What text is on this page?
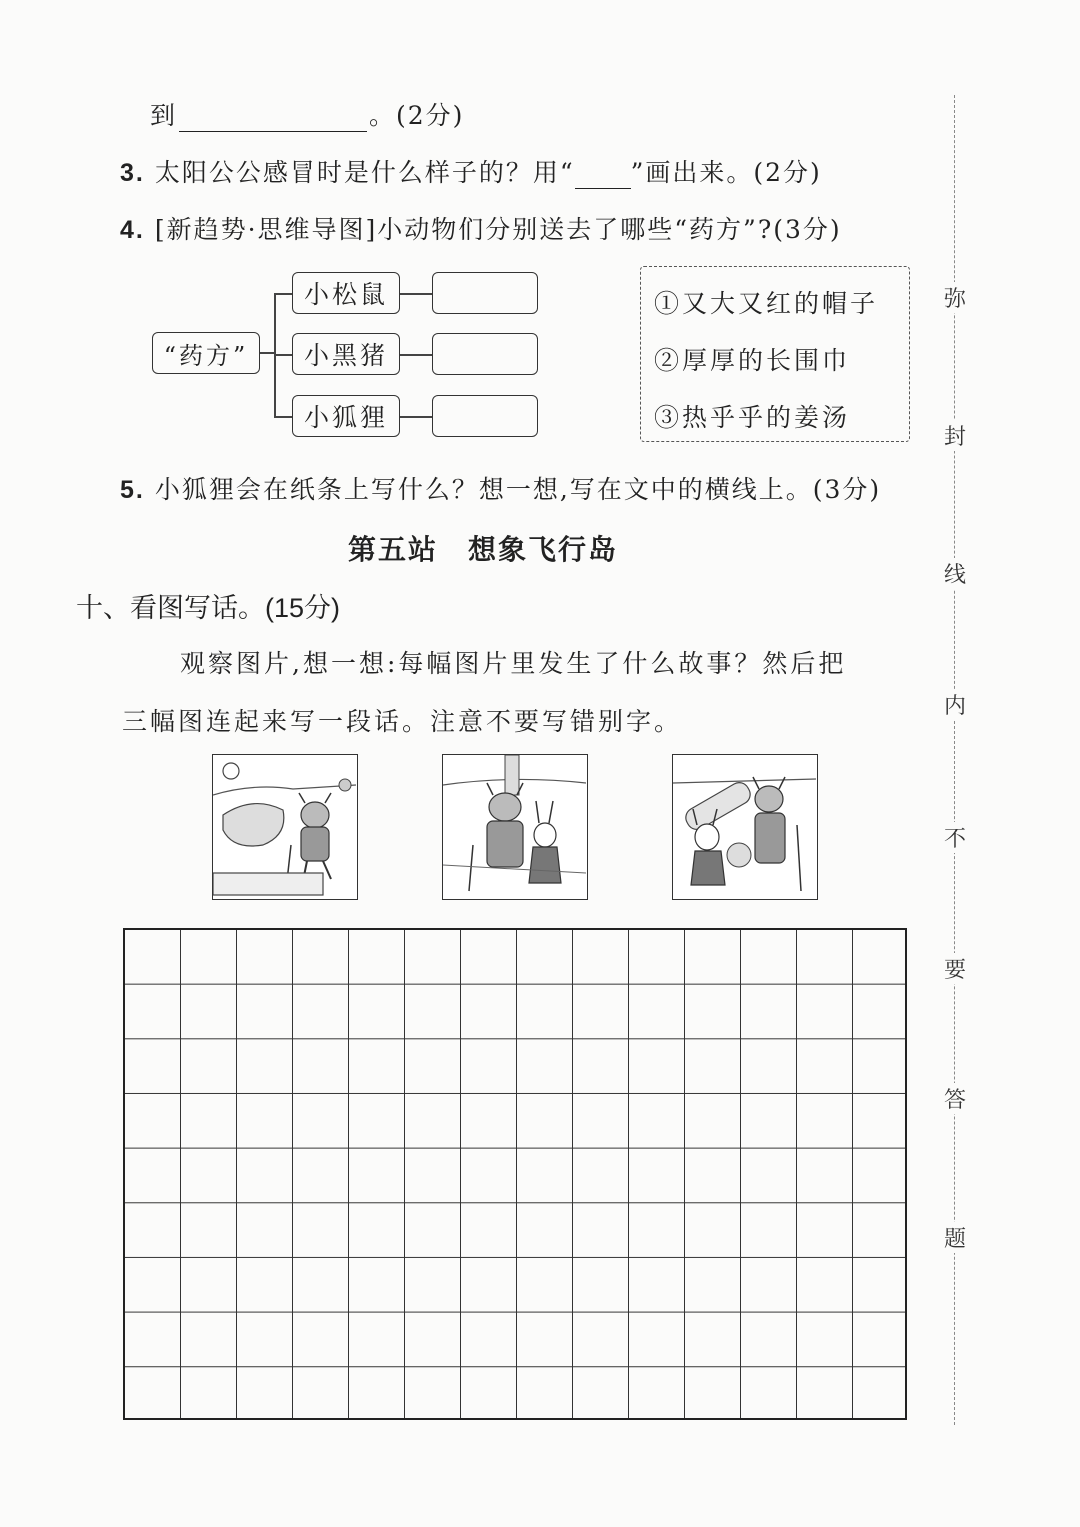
到	。(2分)
3. 太阳公公感冒时是什么样子的？用“ ”画出来。(2分)
4. [新趋势·思维导图]小动物们分别送去了哪些“药方”?(3分)
“药方”
小松鼠
小黑猪
小狐狸
①又大又红的帽子
②厚厚的长围巾
③热乎乎的姜汤
5. 小狐狸会在纸条上写什么？想一想,写在文中的横线上。(3分)
第五站　想象飞行岛
十、看图写话。(15分)
观察图片,想一想:每幅图片里发生了什么故事？然后把
三幅图连起来写一段话。注意不要写错别字。
弥
封
线
内
不
要
答
题
